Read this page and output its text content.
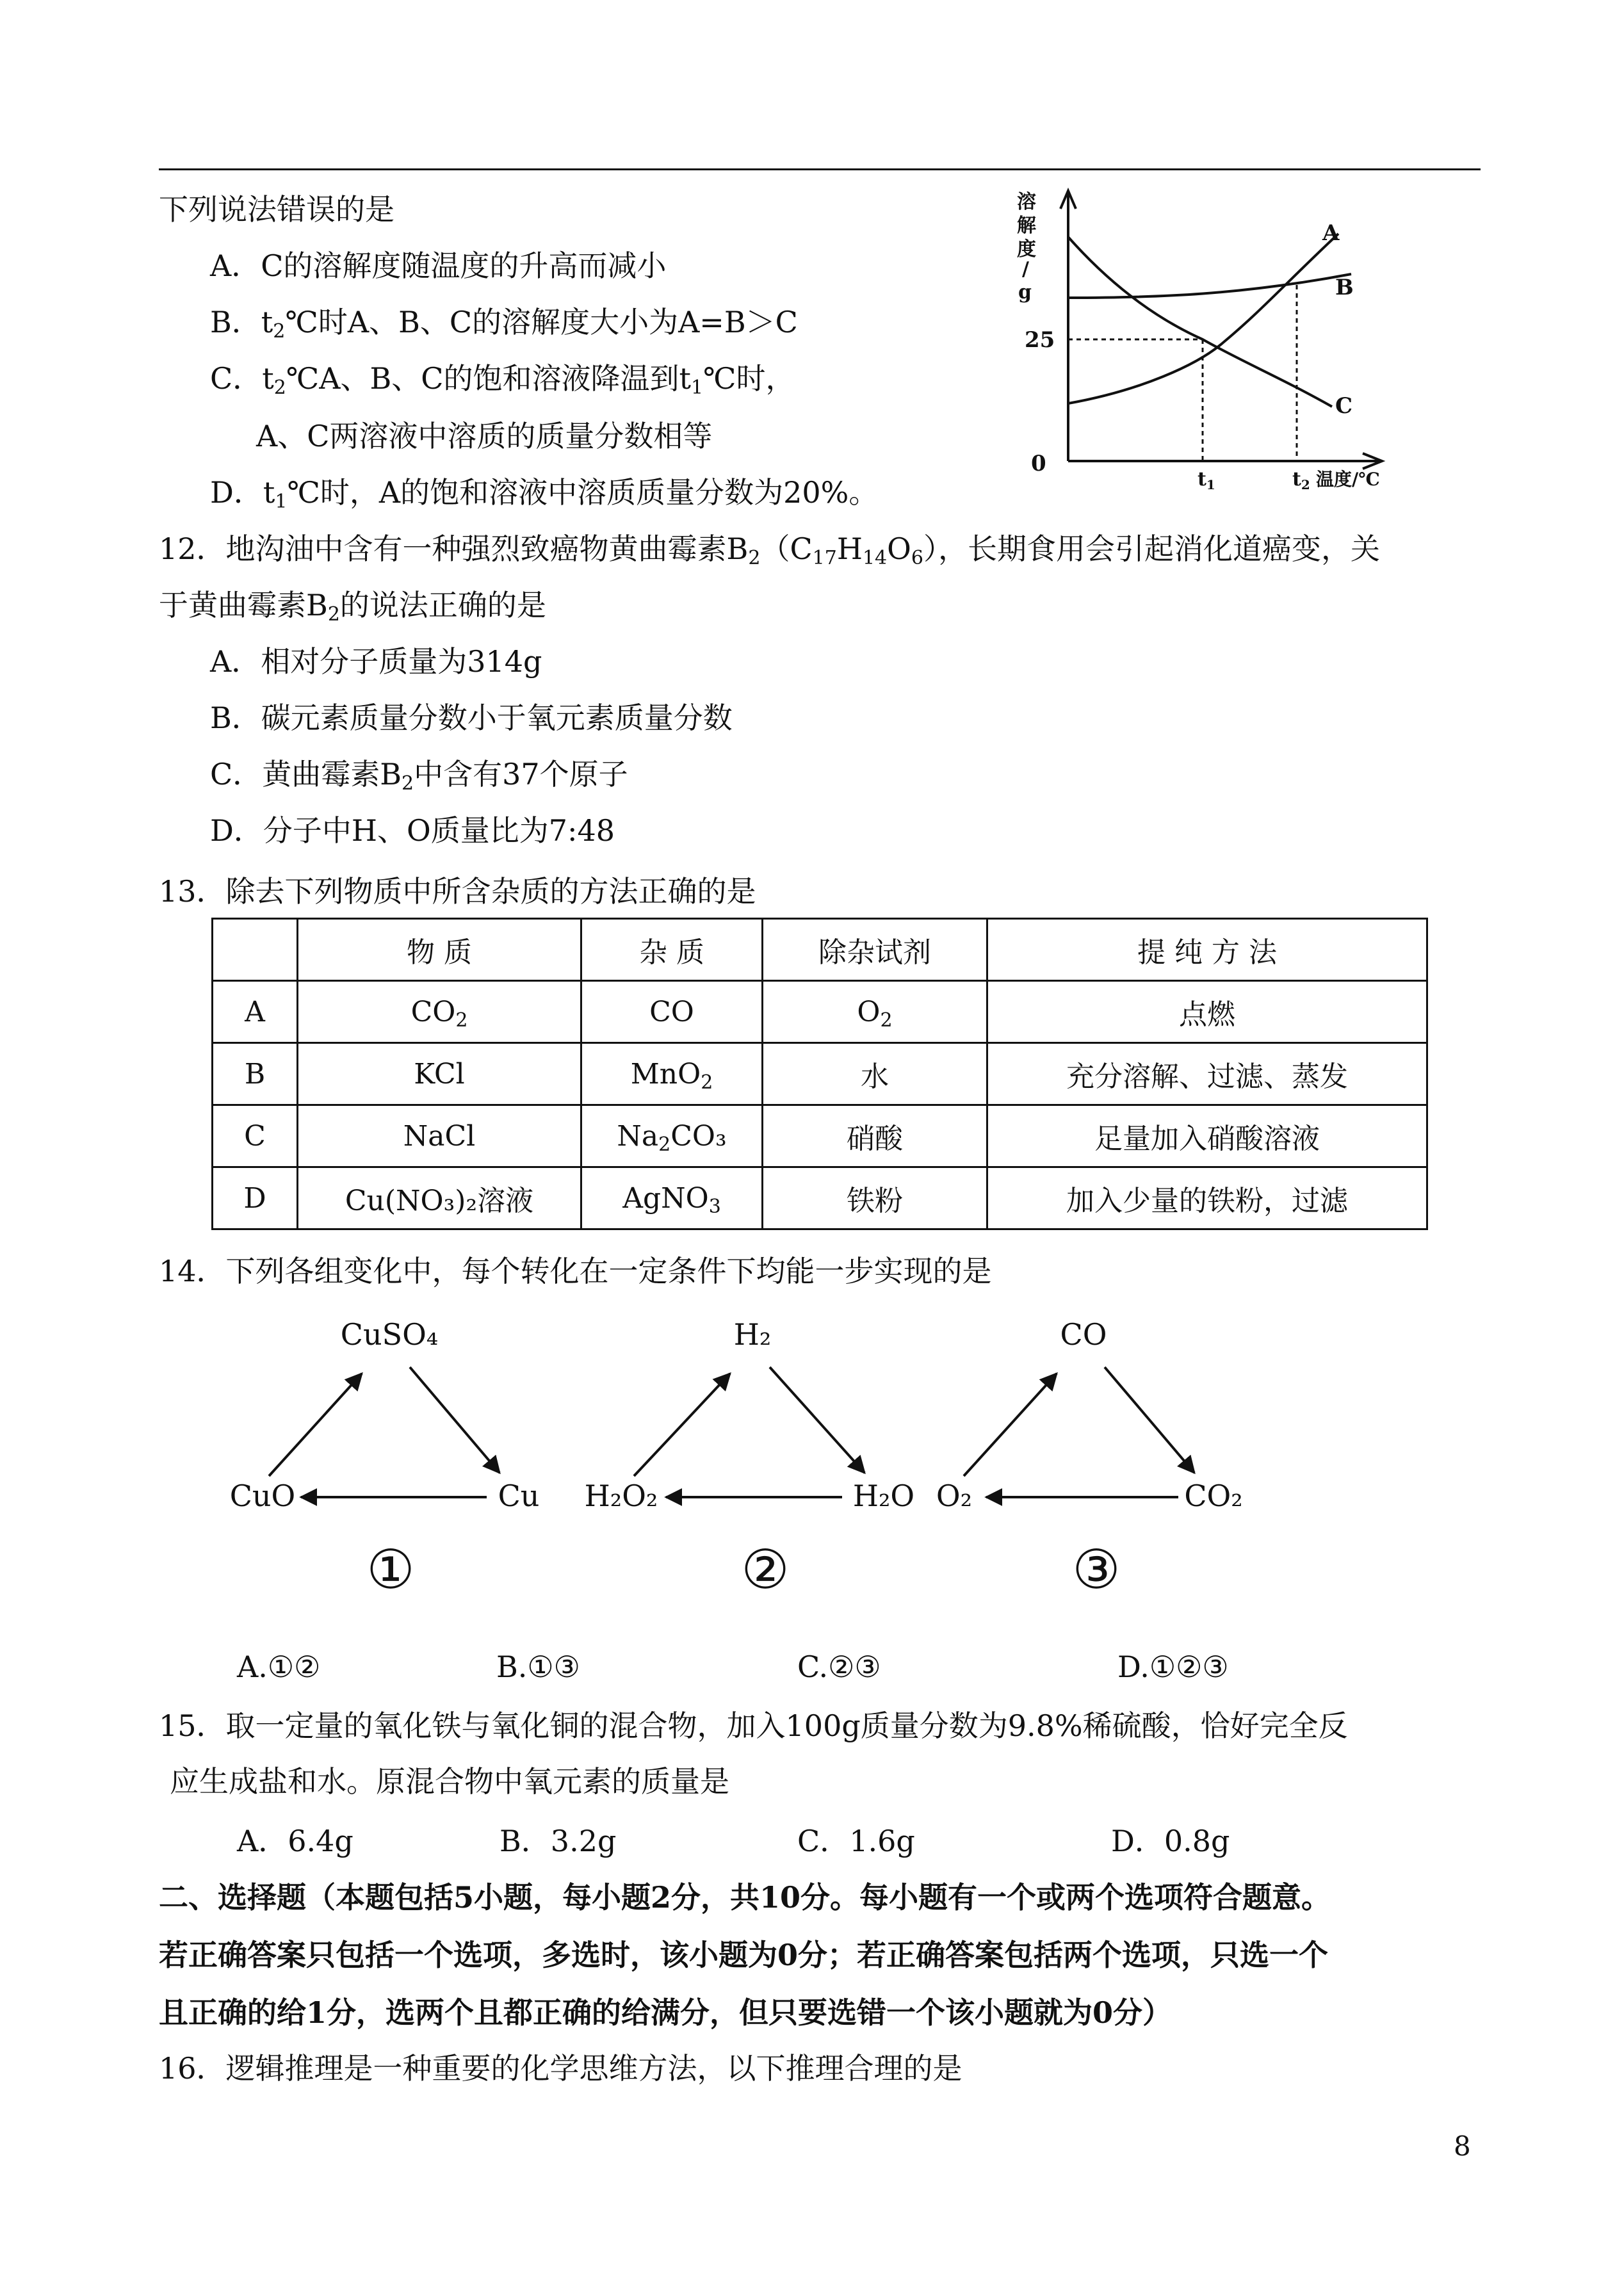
下列说法错误的是
A．C的溶解度随温度的升高而减小
B．$t_2℃$时A、B、C的溶解度大小为A=B＞C
C．$t_2℃A$、B、C的饱和溶液降温到$t_1℃$时，
A、C两溶液中溶质的质量分数相等
D．$t_1℃$时，A的饱和溶液中溶质质量分数为20%。
溶
解
度
/
g
25
0
A
B
C
$t_1$	$t_2$ 温度/℃
12．地沟油中含有一种强烈致癌物黄曲霉素$B_2(C_{17}H_{14}O_6)$，长期食用会引起消化道癌变，关
于黄曲霉素$B_2$的说法正确的是
A．相对分子质量为314g
B．碳元素质量分数小于氧元素质量分数
C．黄曲霉素$B_2$中含有37个原子
D．分子中H、O质量比为7:48
13．除去下列物质中所含杂质的方法正确的是
	物 质	杂 质	除杂试剂	提 纯 方 法
A	$CO_2$	CO	$O_2$	点燃
B	KCl	MnO$_2$	水	充分溶解、过滤、蒸发
C	NaCl	$Na_2CO_3$	硝酸	足量加入硝酸溶液
D	Cu(NO₃)₂溶液	AgNO$_3$	铁粉	加入少量的铁粉，过滤
14．下列各组变化中，每个转化在一定条件下均能一步实现的是
CuSO₄
CuO	Cu
①
H₂
H₂O₂	H₂O
②
CO
O₂	CO₂
③
A.①②	B.①③	C.②③	D.①②③
15．取一定量的氧化铁与氧化铜的混合物，加入100g质量分数为9.8%稀硫酸，恰好完全反
应生成盐和水。原混合物中氧元素的质量是
A．6.4g	B．3.2g	C．1.6g	D．0.8g
二、选择题（本题包括5小题，每小题2分，共10分。每小题有一个或两个选项符合题意。
若正确答案只包括一个选项，多选时，该小题为0分；若正确答案包括两个选项，只选一个
且正确的给1分，选两个且都正确的给满分，但只要选错一个该小题就为0分）
16．逻辑推理是一种重要的化学思维方法，以下推理合理的是
8
